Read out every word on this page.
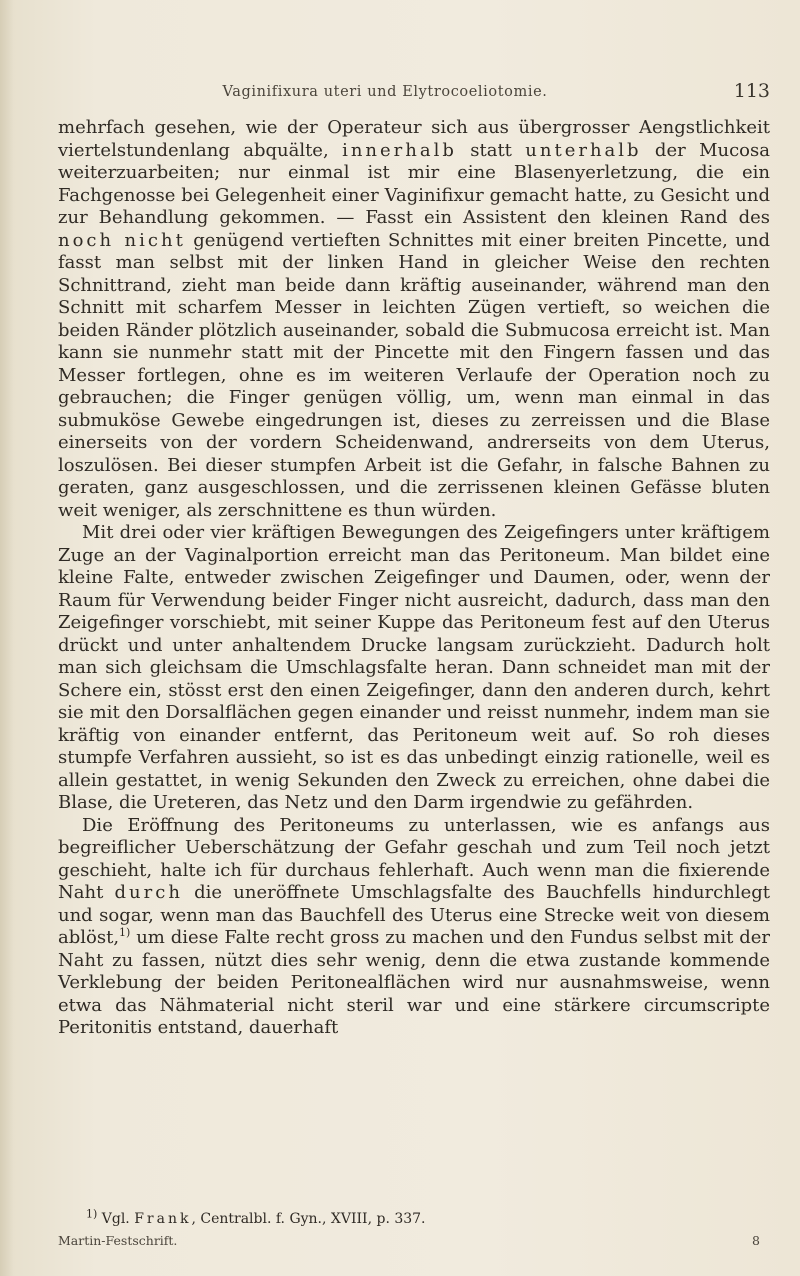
Vaginifixura uteri und Elytrocoeliotomie.	113

mehrfach gesehen, wie der Operateur sich aus übergrosser Aengstlichkeit viertelstundenlang abquälte, innerhalb statt unterhalb der Mucosa weiterzuarbeiten; nur einmal ist mir eine Blasenyerletzung, die ein Fachgenosse bei Gelegenheit einer Vaginifixur gemacht hatte, zu Gesicht und zur Behandlung gekommen. — Fasst ein Assistent den kleinen Rand des noch nicht genügend vertieften Schnittes mit einer breiten Pincette, und fasst man selbst mit der linken Hand in gleicher Weise den rechten Schnittrand, zieht man beide dann kräftig auseinander, während man den Schnitt mit scharfem Messer in leichten Zügen vertieft, so weichen die beiden Ränder plötzlich auseinander, sobald die Submucosa erreicht ist. Man kann sie nunmehr statt mit der Pincette mit den Fingern fassen und das Messer fortlegen, ohne es im weiteren Verlaufe der Operation noch zu gebrauchen; die Finger genügen völlig, um, wenn man einmal in das submuköse Gewebe eingedrungen ist, dieses zu zerreissen und die Blase einerseits von der vordern Scheidenwand, andrerseits von dem Uterus, loszulösen. Bei dieser stumpfen Arbeit ist die Gefahr, in falsche Bahnen zu geraten, ganz ausgeschlossen, und die zerrissenen kleinen Gefässe bluten weit weniger, als zerschnittene es thun würden.

Mit drei oder vier kräftigen Bewegungen des Zeigefingers unter kräftigem Zuge an der Vaginalportion erreicht man das Peritoneum. Man bildet eine kleine Falte, entweder zwischen Zeigefinger und Daumen, oder, wenn der Raum für Verwendung beider Finger nicht ausreicht, dadurch, dass man den Zeigefinger vorschiebt, mit seiner Kuppe das Peritoneum fest auf den Uterus drückt und unter anhaltendem Drucke langsam zurückzieht. Dadurch holt man sich gleichsam die Umschlagsfalte heran. Dann schneidet man mit der Schere ein, stösst erst den einen Zeigefinger, dann den anderen durch, kehrt sie mit den Dorsalflächen gegen einander und reisst nunmehr, indem man sie kräftig von einander entfernt, das Peritoneum weit auf. So roh dieses stumpfe Verfahren aussieht, so ist es das unbedingt einzig rationelle, weil es allein gestattet, in wenig Sekunden den Zweck zu erreichen, ohne dabei die Blase, die Ureteren, das Netz und den Darm irgendwie zu gefährden.

Die Eröffnung des Peritoneums zu unterlassen, wie es anfangs aus begreiflicher Ueberschätzung der Gefahr geschah und zum Teil noch jetzt geschieht, halte ich für durchaus fehlerhaft. Auch wenn man die fixierende Naht durch die uneröffnete Umschlagsfalte des Bauchfells hindurchlegt und sogar, wenn man das Bauchfell des Uterus eine Strecke weit von diesem ablöst,$^{1)}$ um diese Falte recht gross zu machen und den Fundus selbst mit der Naht zu fassen, nützt dies sehr wenig, denn die etwa zustande kommende Verklebung der beiden Peritonealflächen wird nur ausnahmsweise, wenn etwa das Nähmaterial nicht steril war und eine stärkere circumscripte Peritonitis entstand, dauerhaft

$^{1)}$ Vgl. Frank, Centralbl. f. Gyn., XVIII, p. 337.
Martin-Festschrift.	8
